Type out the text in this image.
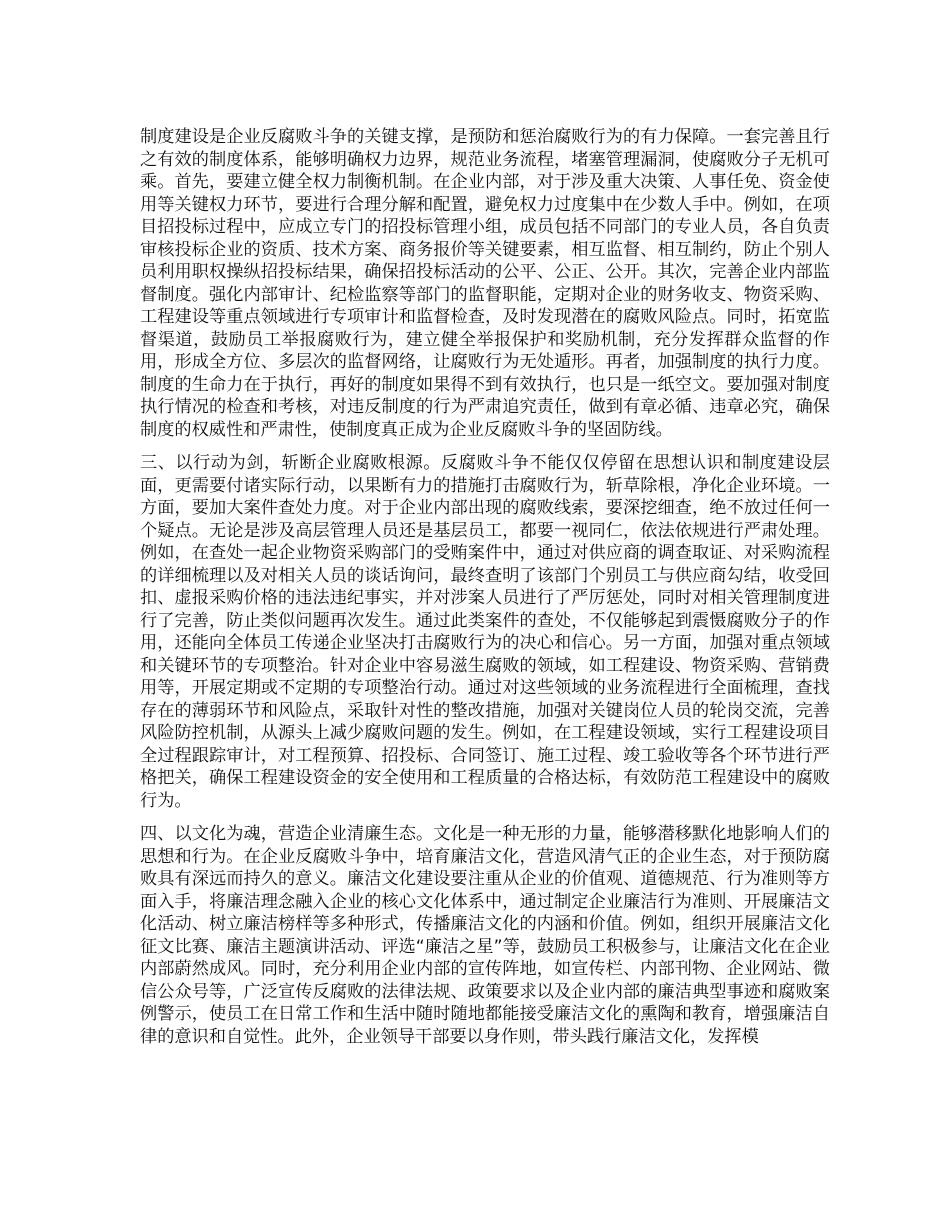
制度建设是企业反腐败斗争的关键支撑，是预防和惩治腐败行为的有力保障。一套完善且行之有效的制度体系，能够明确权力边界，规范业务流程，堵塞管理漏洞，使腐败分子无机可乘。首先，要建立健全权力制衡机制。在企业内部，对于涉及重大决策、人事任免、资金使用等关键权力环节，要进行合理分解和配置，避免权力过度集中在少数人手中。例如，在项目招投标过程中，应成立专门的招投标管理小组，成员包括不同部门的专业人员，各自负责审核投标企业的资质、技术方案、商务报价等关键要素，相互监督、相互制约，防止个别人员利用职权操纵招投标结果，确保招投标活动的公平、公正、公开。其次，完善企业内部监督制度。强化内部审计、纪检监察等部门的监督职能，定期对企业的财务收支、物资采购、工程建设等重点领域进行专项审计和监督检查，及时发现潜在的腐败风险点。同时，拓宽监督渠道，鼓励员工举报腐败行为，建立健全举报保护和奖励机制，充分发挥群众监督的作用，形成全方位、多层次的监督网络，让腐败行为无处遁形。再者，加强制度的执行力度。制度的生命力在于执行，再好的制度如果得不到有效执行，也只是一纸空文。要加强对制度执行情况的检查和考核，对违反制度的行为严肃追究责任，做到有章必循、违章必究，确保制度的权威性和严肃性，使制度真正成为企业反腐败斗争的坚固防线。

三、以行动为剑，斩断企业腐败根源。反腐败斗争不能仅仅停留在思想认识和制度建设层面，更需要付诸实际行动，以果断有力的措施打击腐败行为，斩草除根，净化企业环境。一方面，要加大案件查处力度。对于企业内部出现的腐败线索，要深挖细查，绝不放过任何一个疑点。无论是涉及高层管理人员还是基层员工，都要一视同仁，依法依规进行严肃处理。例如，在查处一起企业物资采购部门的受贿案件中，通过对供应商的调查取证、对采购流程的详细梳理以及对相关人员的谈话询问，最终查明了该部门个别员工与供应商勾结，收受回扣、虚报采购价格的违法违纪事实，并对涉案人员进行了严厉惩处，同时对相关管理制度进行了完善，防止类似问题再次发生。通过此类案件的查处，不仅能够起到震慑腐败分子的作用，还能向全体员工传递企业坚决打击腐败行为的决心和信心。另一方面，加强对重点领域和关键环节的专项整治。针对企业中容易滋生腐败的领域，如工程建设、物资采购、营销费用等，开展定期或不定期的专项整治行动。通过对这些领域的业务流程进行全面梳理，查找存在的薄弱环节和风险点，采取针对性的整改措施，加强对关键岗位人员的轮岗交流，完善风险防控机制，从源头上减少腐败问题的发生。例如，在工程建设领域，实行工程建设项目全过程跟踪审计，对工程预算、招投标、合同签订、施工过程、竣工验收等各个环节进行严格把关，确保工程建设资金的安全使用和工程质量的合格达标，有效防范工程建设中的腐败行为。

四、以文化为魂，营造企业清廉生态。文化是一种无形的力量，能够潜移默化地影响人们的思想和行为。在企业反腐败斗争中，培育廉洁文化，营造风清气正的企业生态，对于预防腐败具有深远而持久的意义。廉洁文化建设要注重从企业的价值观、道德规范、行为准则等方面入手，将廉洁理念融入企业的核心文化体系中，通过制定企业廉洁行为准则、开展廉洁文化活动、树立廉洁榜样等多种形式，传播廉洁文化的内涵和价值。例如，组织开展廉洁文化征文比赛、廉洁主题演讲活动、评选“廉洁之星”等，鼓励员工积极参与，让廉洁文化在企业内部蔚然成风。同时，充分利用企业内部的宣传阵地，如宣传栏、内部刊物、企业网站、微信公众号等，广泛宣传反腐败的法律法规、政策要求以及企业内部的廉洁典型事迹和腐败案例警示，使员工在日常工作和生活中随时随地都能接受廉洁文化的熏陶和教育，增强廉洁自律的意识和自觉性。此外，企业领导干部要以身作则，带头践行廉洁文化，发挥模
